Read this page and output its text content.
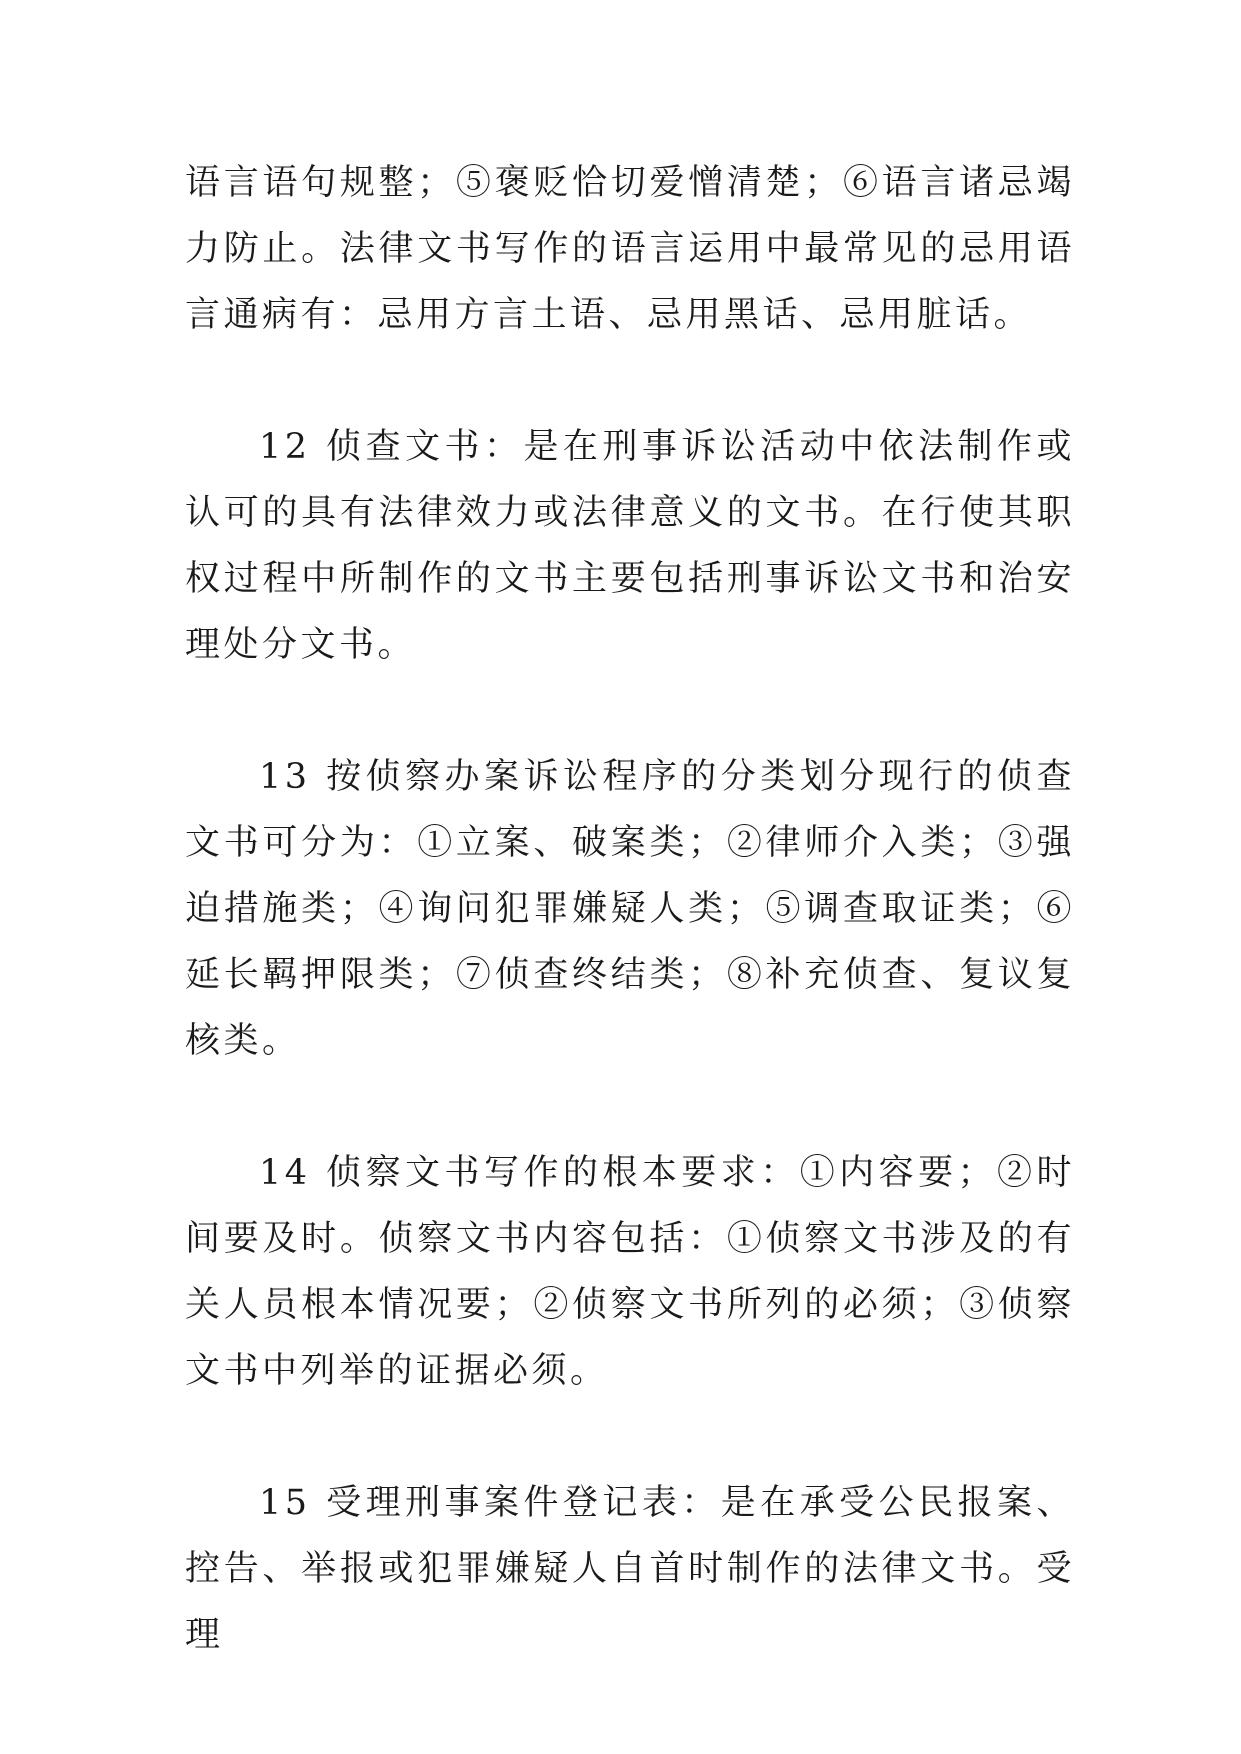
语言语句规整；⑤褒贬恰切爱憎清楚；⑥语言诸忌竭力防止。法律文书写作的语言运用中最常见的忌用语言通病有：忌用方言土语、忌用黑话、忌用脏话。

12 侦查文书：是在刑事诉讼活动中依法制作或认可的具有法律效力或法律意义的文书。在行使其职权过程中所制作的文书主要包括刑事诉讼文书和治安理处分文书。

13 按侦察办案诉讼程序的分类划分现行的侦查文书可分为：①立案、破案类；②律师介入类；③强迫措施类；④询问犯罪嫌疑人类；⑤调查取证类；⑥延长羁押限类；⑦侦查终结类；⑧补充侦查、复议复核类。

14 侦察文书写作的根本要求：①内容要；②时间要及时。侦察文书内容包括：①侦察文书涉及的有关人员根本情况要；②侦察文书所列的必须；③侦察文书中列举的证据必须。

15 受理刑事案件登记表：是在承受公民报案、控告、举报或犯罪嫌疑人自首时制作的法律文书。受理
